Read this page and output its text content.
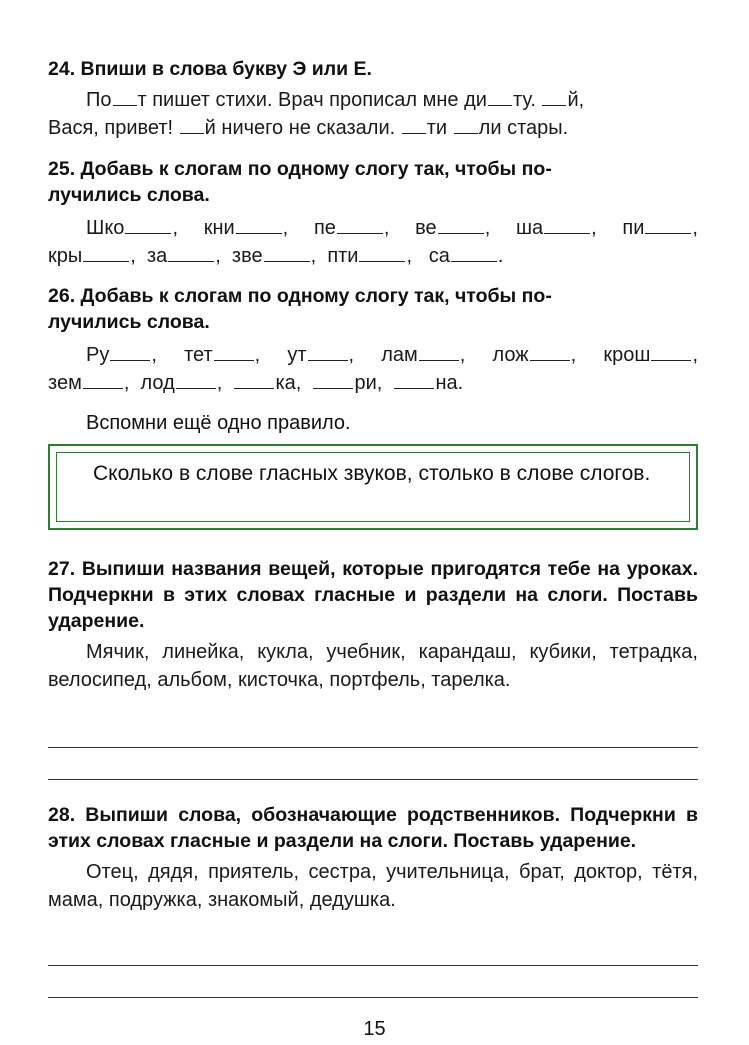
24. Впиши в слова букву Э или Е.
По т пишет стихи. Врач прописал мне ди ту. й,
Вася, привет! й ничего не сказали. ти ли стары.
25. Добавь к слогам по одному слогу так, чтобы по-
лучились слова.
Шко , кни , пе , ве , ша , пи ,
кры , за , зве , пти , са .
26. Добавь к слогам по одному слогу так, чтобы по-
лучились слова.
Ру , тет , ут , лам , лож , крош ,
зем , лод ,	ка,	ри,	на.
Вспомни ещё одно правило.
Сколько в слове гласных звуков, столько в слове слогов.
27. Выпиши названия вещей, которые пригодятся тебе на уроках. Подчеркни в этих словах гласные и раздели на слоги. Поставь ударение.
Мячик, линейка, кукла, учебник, карандаш, кубики, тетрадка, велосипед, альбом, кисточка, портфель, тарелка.
28. Выпиши слова, обозначающие родственников. Подчеркни в этих словах гласные и раздели на слоги. Поставь ударение.
Отец, дядя, приятель, сестра, учительница, брат, доктор, тётя, мама, подружка, знакомый, дедушка.
15
